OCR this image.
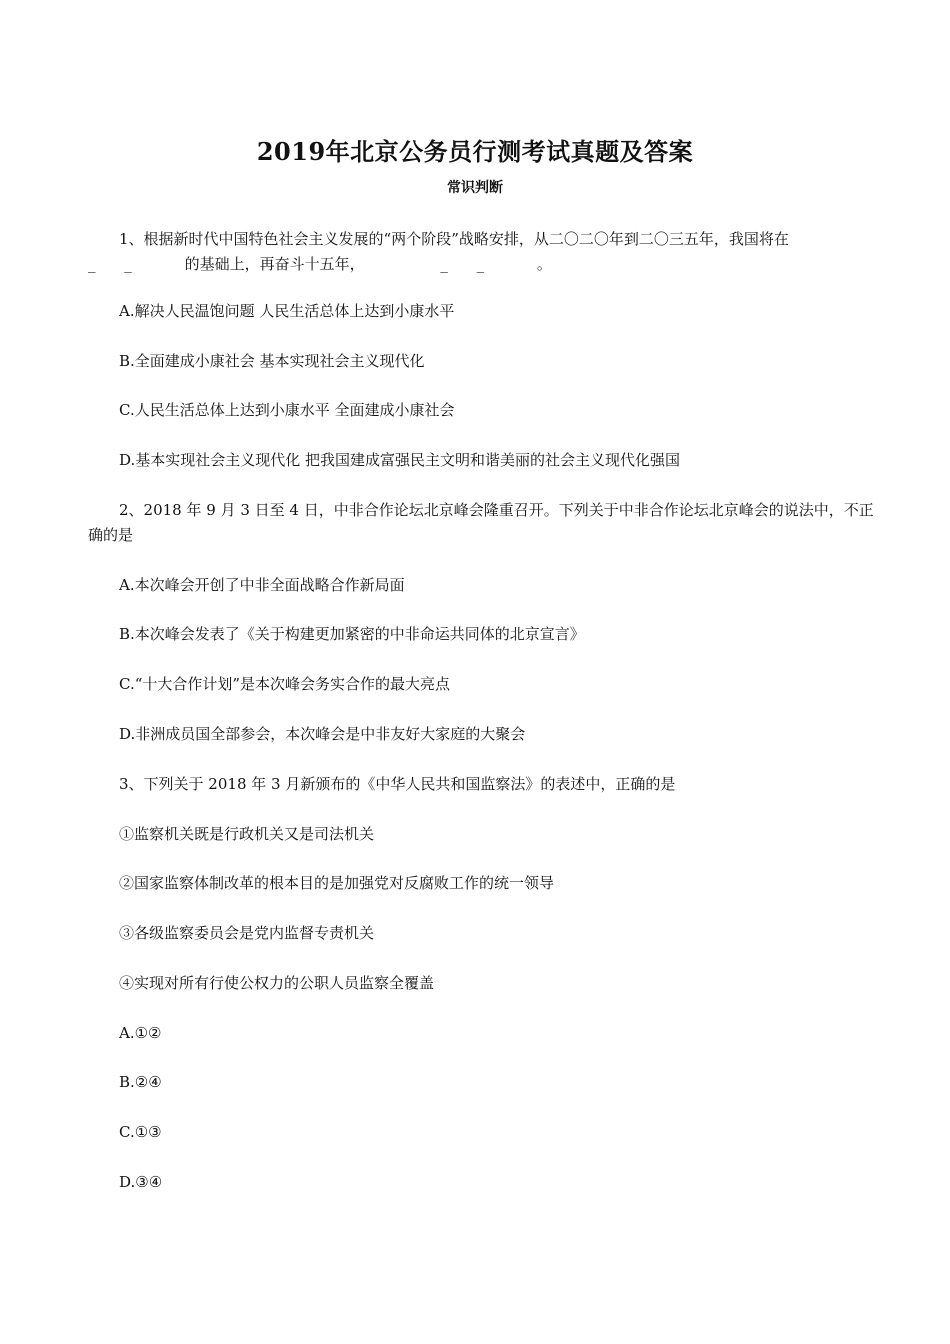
2019年北京公务员行测考试真题及答案
常识判断
1、根据新时代中国特色社会主义发展的“两个阶段”战略安排，从二〇二〇年到二〇三五年，我国将在 _ _	的基础上，再奋斗十五年，	_ _	。
A.解决人民温饱问题 人民生活总体上达到小康水平
B.全面建成小康社会 基本实现社会主义现代化
C.人民生活总体上达到小康水平 全面建成小康社会
D.基本实现社会主义现代化 把我国建成富强民主文明和谐美丽的社会主义现代化强国
2、2018 年 9 月 3 日至 4 日，中非合作论坛北京峰会隆重召开。下列关于中非合作论坛北京峰会的说法中，不正确的是
A.本次峰会开创了中非全面战略合作新局面
B.本次峰会发表了《关于构建更加紧密的中非命运共同体的北京宣言》
C.“十大合作计划”是本次峰会务实合作的最大亮点
D.非洲成员国全部参会，本次峰会是中非友好大家庭的大聚会
3、下列关于 2018 年 3 月新颁布的《中华人民共和国监察法》的表述中，正确的是
①监察机关既是行政机关又是司法机关
②国家监察体制改革的根本目的是加强党对反腐败工作的统一领导
③各级监察委员会是党内监督专责机关
④实现对所有行使公权力的公职人员监察全覆盖
A.①②
B.②④
C.①③
D.③④
